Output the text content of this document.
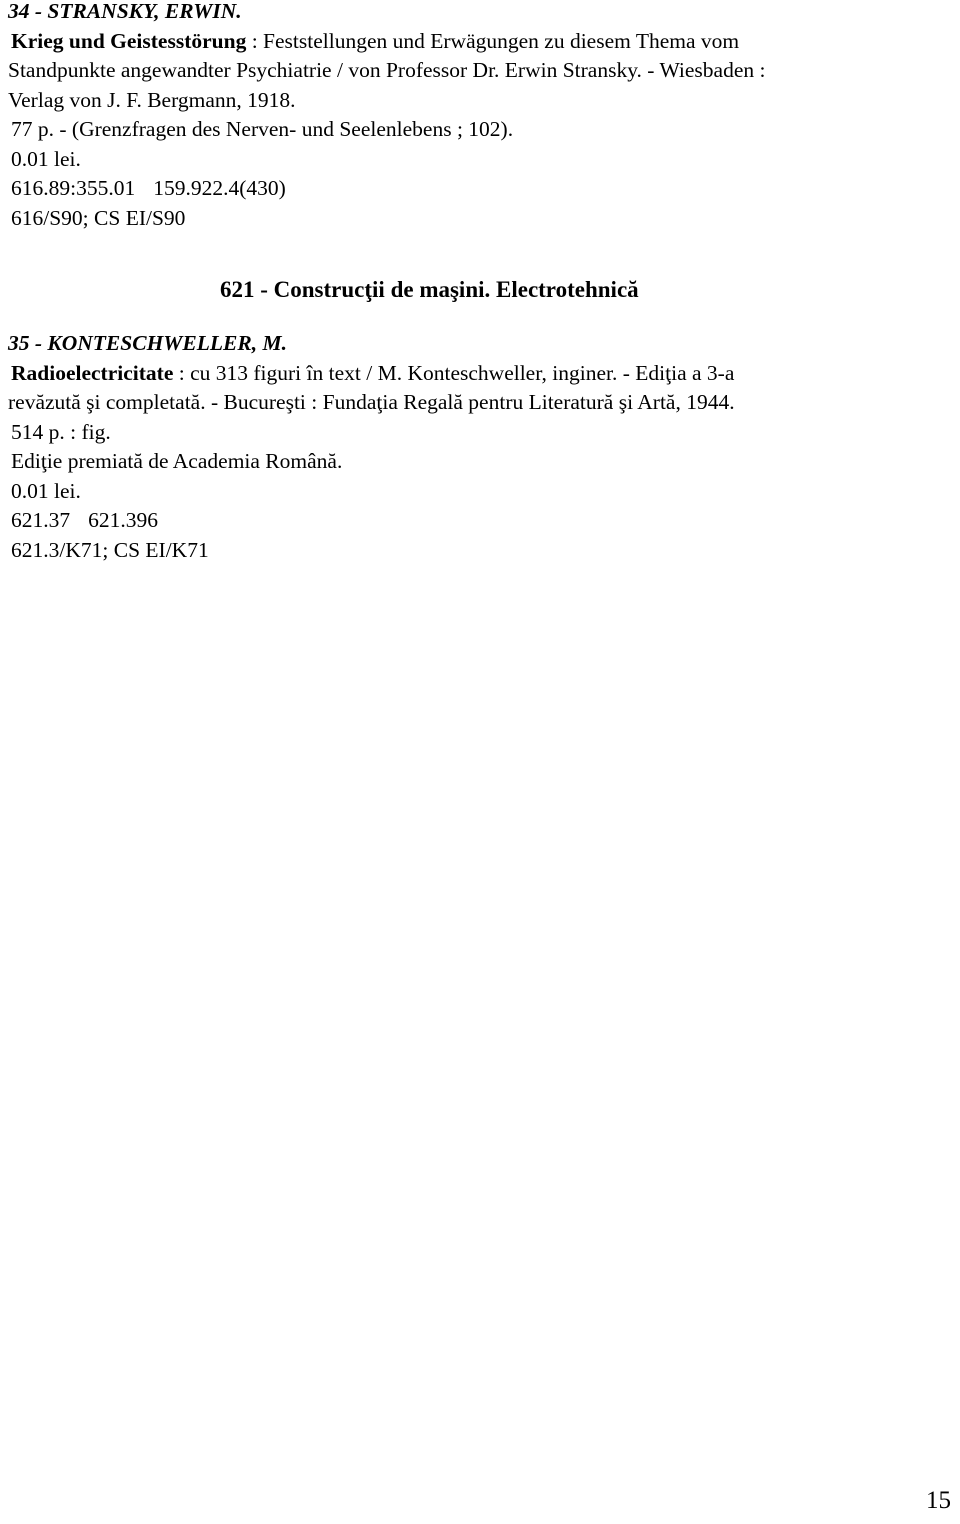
34 - STRANSKY, ERWIN.
Krieg und Geistesstörung : Feststellungen und Erwägungen zu diesem Thema vom
Standpunkte angewandter Psychiatrie / von Professor Dr. Erwin Stransky. - Wiesbaden :
Verlag von J. F. Bergmann, 1918.
77 p. - (Grenzfragen des Nerven- und Seelenlebens ; 102).
0.01 lei.
616.89:355.01 159.922.4(430)
616/S90; CS EI/S90
621 - Construcţii de maşini. Electrotehnică
35 - KONTESCHWELLER, M.
Radioelectricitate : cu 313 figuri în text / M. Konteschweller, inginer. - Ediţia a 3-a
revăzută şi completată. - Bucureşti : Fundaţia Regală pentru Literatură şi Artă, 1944.
514 p. : fig.
Ediţie premiată de Academia Română.
0.01 lei.
621.37 621.396
621.3/K71; CS EI/K71
15
